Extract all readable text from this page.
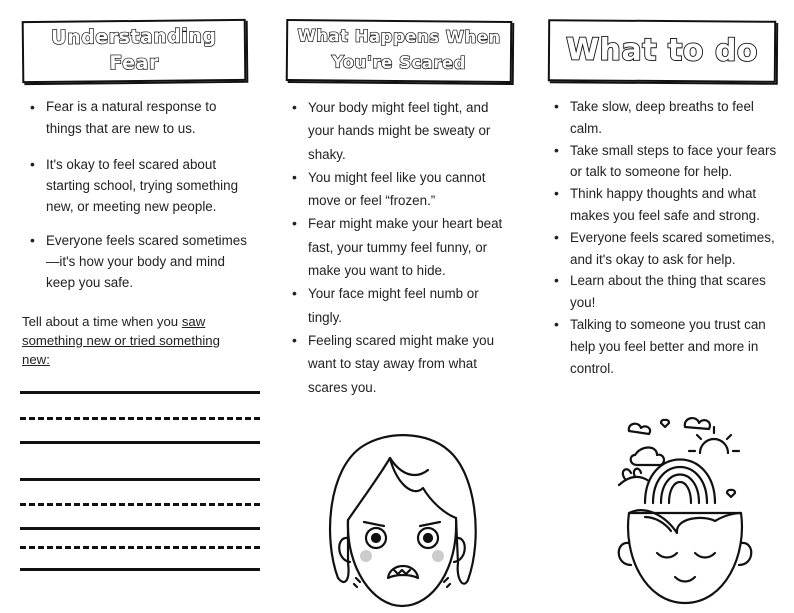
Understanding
Fear
• Fear is a natural response to things that are new to us.
• It's okay to feel scared about starting school, trying something new, or meeting new people.
• Everyone feels scared sometimes—it's how your body and mind keep you safe.
Tell about a time when you saw something new or tried something new:
What Happens When
You're Scared
• Your body might feel tight, and your hands might be sweaty or shaky.
• You might feel like you cannot move or feel “frozen.”
• Fear might make your heart beat fast, your tummy feel funny, or make you want to hide.
• Your face might feel numb or tingly.
• Feeling scared might make you want to stay away from what scares you.
What to do
• Take slow, deep breaths to feel calm.
• Take small steps to face your fears or talk to someone for help.
• Think happy thoughts and what makes you feel safe and strong.
• Everyone feels scared sometimes, and it's okay to ask for help.
• Learn about the thing that scares you!
• Talking to someone you trust can help you feel better and more in control.
